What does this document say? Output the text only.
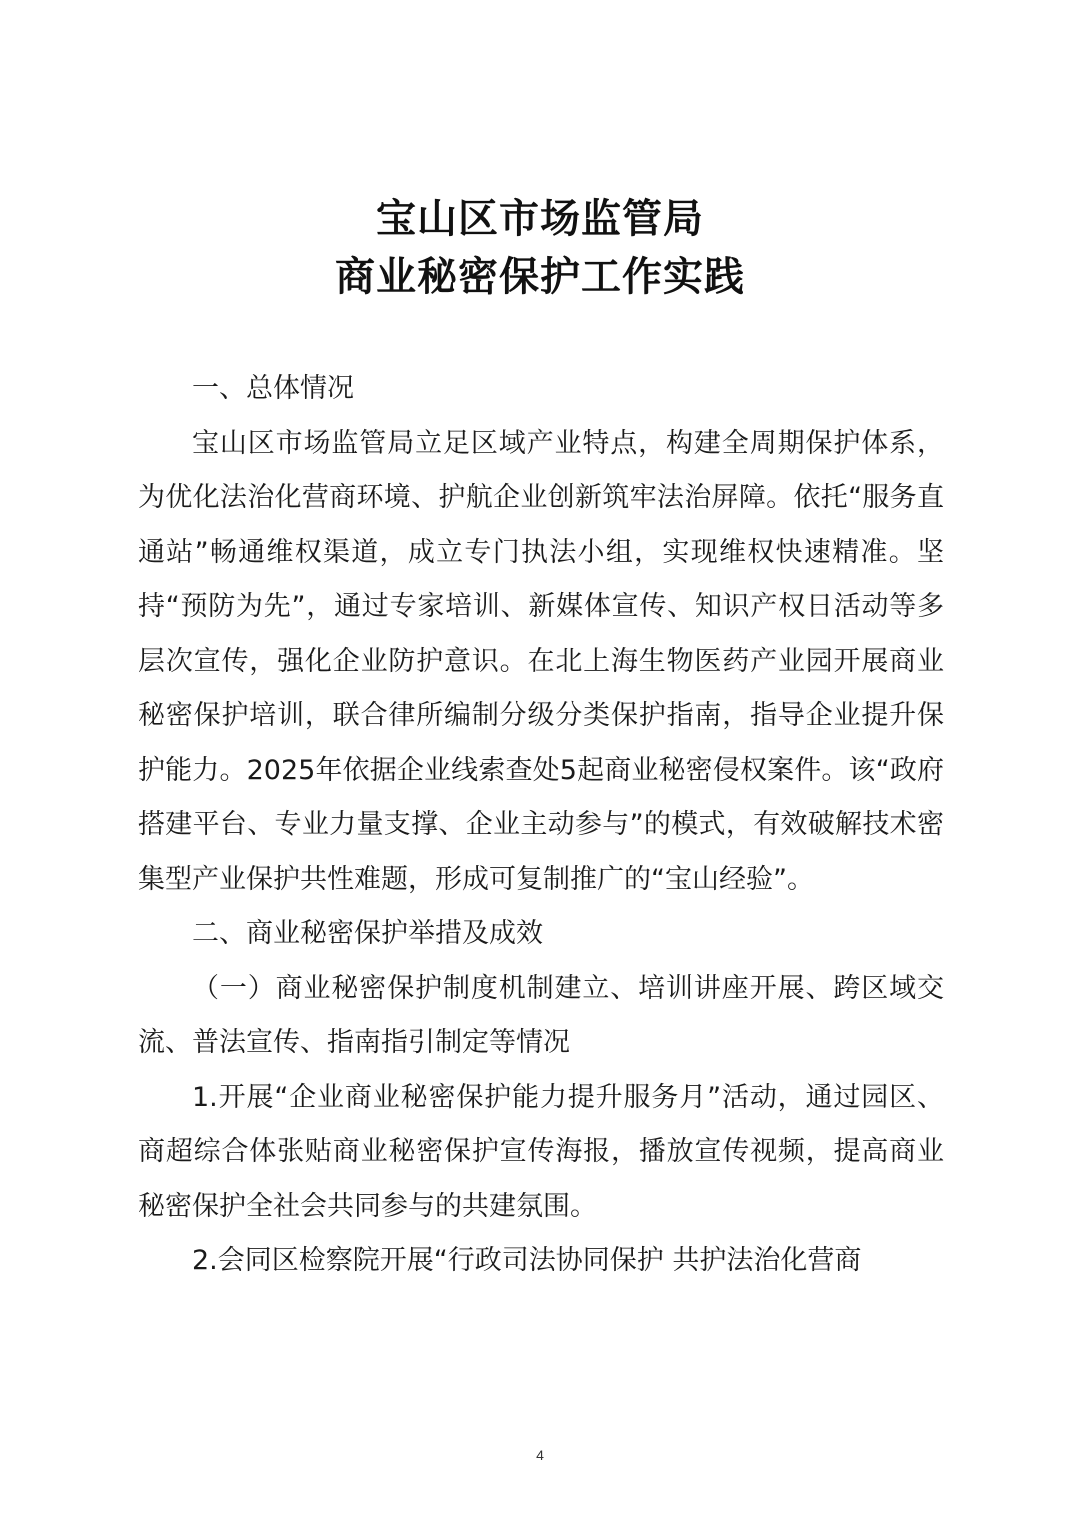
宝山区市场监管局
商业秘密保护工作实践

一、总体情况

宝山区市场监管局立足区域产业特点，构建全周期保护体系，为优化法治化营商环境、护航企业创新筑牢法治屏障。依托“服务直通站”畅通维权渠道，成立专门执法小组，实现维权快速精准。坚持“预防为先”，通过专家培训、新媒体宣传、知识产权日活动等多层次宣传，强化企业防护意识。在北上海生物医药产业园开展商业秘密保护培训，联合律所编制分级分类保护指南，指导企业提升保护能力。2025年依据企业线索查处5起商业秘密侵权案件。该“政府搭建平台、专业力量支撑、企业主动参与”的模式，有效破解技术密集型产业保护共性难题，形成可复制推广的“宝山经验”。

二、商业秘密保护举措及成效

（一）商业秘密保护制度机制建立、培训讲座开展、跨区域交流、普法宣传、指南指引制定等情况

1.开展“企业商业秘密保护能力提升服务月”活动，通过园区、商超综合体张贴商业秘密保护宣传海报，播放宣传视频，提高商业秘密保护全社会共同参与的共建氛围。

2.会同区检察院开展“行政司法协同保护 共护法治化营商

4
